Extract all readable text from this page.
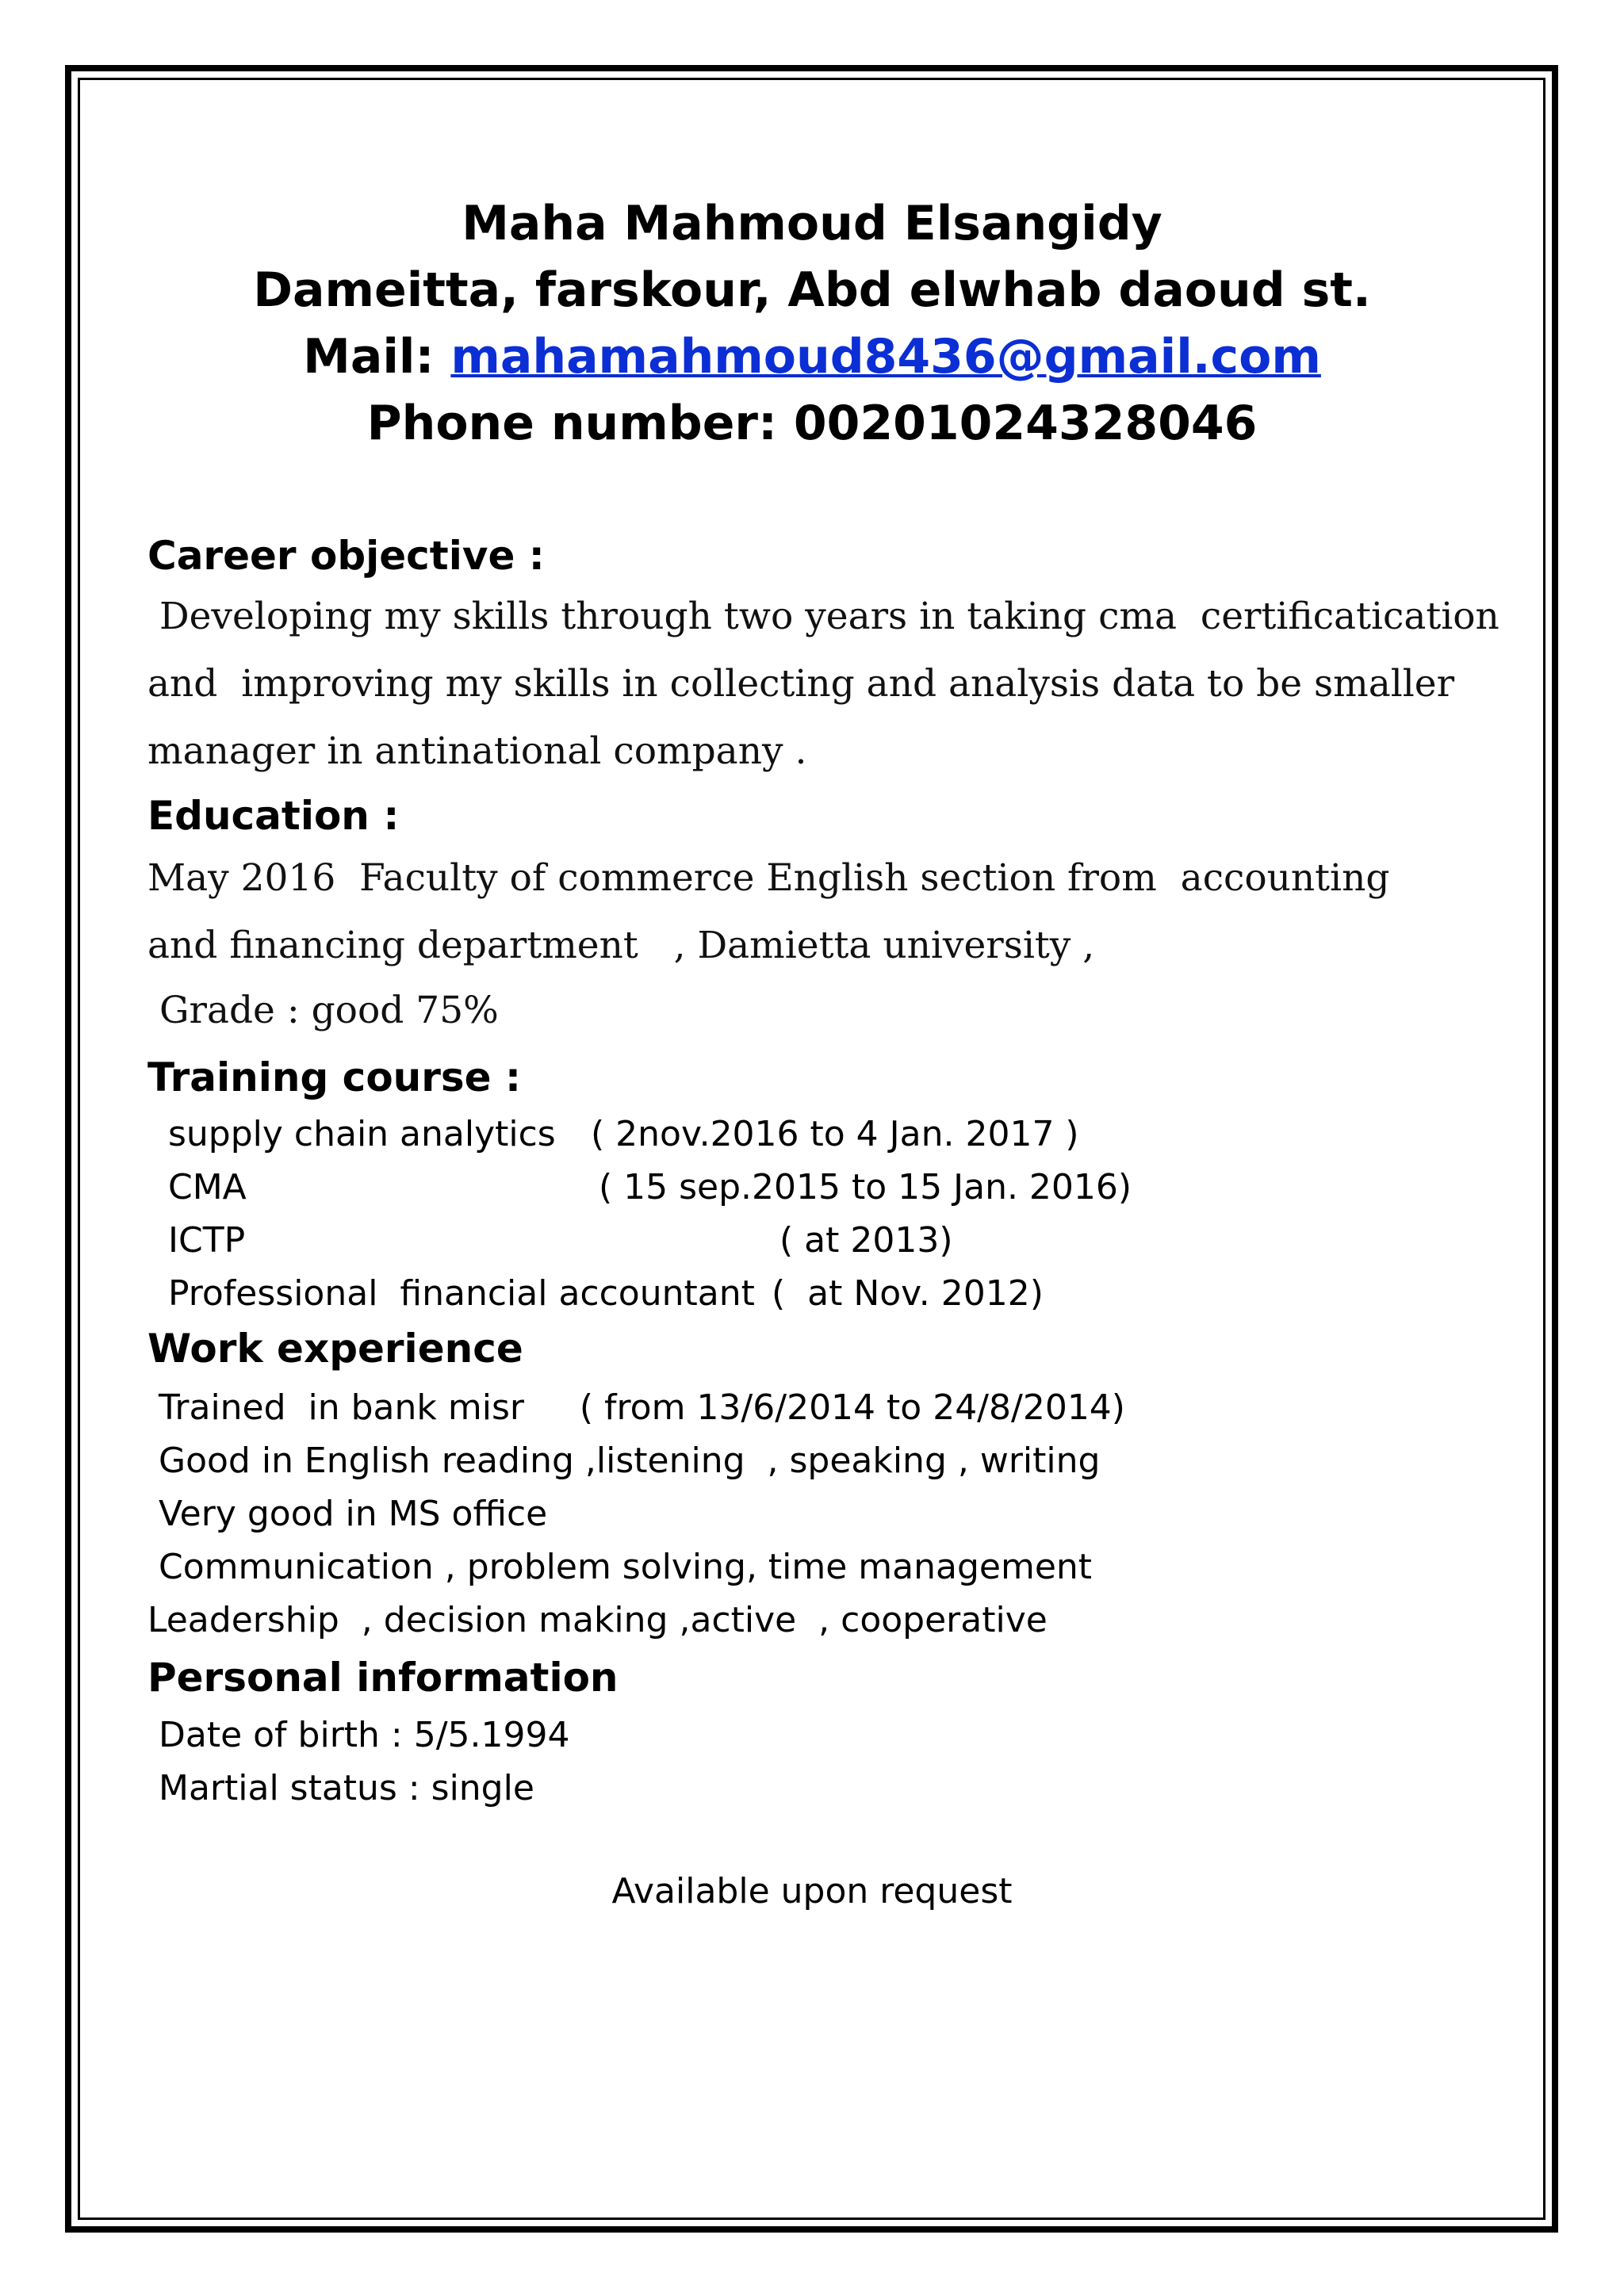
Maha Mahmoud Elsangidy
Dameitta, farskour, Abd elwhab daoud st.
Mail: mahamahmoud8436@gmail.com
Phone number: 00201024328046
Career objective :
Developing my skills through two years in taking cma  certificatication
and  improving my skills in collecting and analysis data to be smaller
manager in antinational company .
Education :
May 2016  Faculty of commerce English section from  accounting
and financing department   , Damietta university ,
Grade : good 75%
Training course :
supply chain analytics ( 2nov.2016 to 4 Jan. 2017 )
CMA	( 15 sep.2015 to 15 Jan. 2016)
ICTP	( at 2013)
Professional  financial accountant (  at Nov. 2012)
Work experience
Trained  in bank misr     ( from 13/6/2014 to 24/8/2014)
Good in English reading ,listening  , speaking , writing
Very good in MS office
Communication , problem solving, time management
Leadership  , decision making ,active  , cooperative
Personal information
Date of birth : 5/5.1994
Martial status : single
Available upon request
